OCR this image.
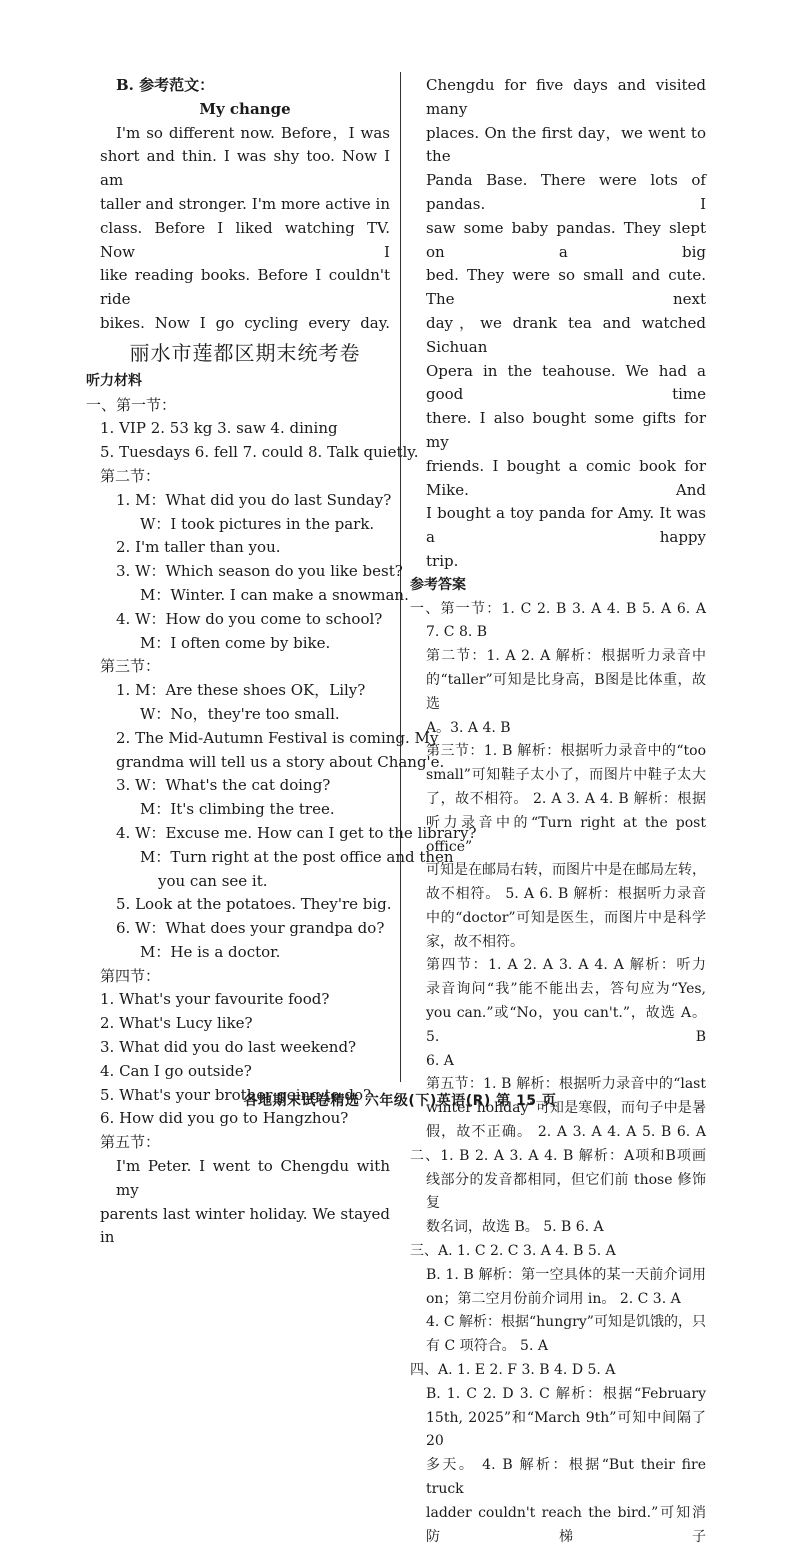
B. 参考范文：
My change
I'm so different now. Before，I was
short and thin. I was shy too. Now I am
taller and stronger. I'm more active in
class. Before I liked watching TV. Now I
like reading books. Before I couldn't ride
bikes. Now I go cycling every day.
丽水市莲都区期末统考卷
听力材料
一、第一节：
1. VIP 2. 53 kg 3. saw 4. dining
5. Tuesdays 6. fell 7. could 8. Talk quietly.
第二节：
1. M：What did you do last Sunday?
W：I took pictures in the park.
2. I'm taller than you.
3. W：Which season do you like best?
M：Winter. I can make a snowman.
4. W：How do you come to school?
M：I often come by bike.
第三节：
1. M：Are these shoes OK，Lily?
W：No，they're too small.
2. The Mid-Autumn Festival is coming. My
grandma will tell us a story about Chang'e.
3. W：What's the cat doing?
M：It's climbing the tree.
4. W：Excuse me. How can I get to the library?
M：Turn right at the post office and then
you can see it.
5. Look at the potatoes. They're big.
6. W：What does your grandpa do?
M：He is a doctor.
第四节：
1. What's your favourite food?
2. What's Lucy like?
3. What did you do last weekend?
4. Can I go outside?
5. What's your brother going to do?
6. How did you go to Hangzhou?
第五节：
I'm Peter. I went to Chengdu with my
parents last winter holiday. We stayed in
Chengdu for five days and visited many
places. On the first day，we went to the
Panda Base. There were lots of pandas. I
saw some baby pandas. They slept on a big
bed. They were so small and cute. The next
day，we drank tea and watched Sichuan
Opera in the teahouse. We had a good time
there. I also bought some gifts for my
friends. I bought a comic book for Mike. And
I bought a toy panda for Amy. It was a happy
trip.
参考答案
一、第一节：1. C 2. B 3. A 4. B 5. A 6. A
7. C 8. B
第二节：1. A 2. A 解析：根据听力录音中
的“taller”可知是比身高，B图是比体重，故选
A。3. A 4. B
第三节：1. B 解析：根据听力录音中的“too
small”可知鞋子太小了，而图片中鞋子太大
了，故不相符。 2. A 3. A 4. B 解析：根据
听力录音中的“Turn right at the post office”
可知是在邮局右转，而图片中是在邮局左转，
故不相符。 5. A 6. B 解析：根据听力录音
中的“doctor”可知是医生，而图片中是科学
家，故不相符。
第四节：1. A 2. A 3. A 4. A 解析：听力
录音询问“我”能不能出去，答句应为“Yes,
you can.”或“No，you can't.”，故选 A。 5. B
6. A
第五节：1. B 解析：根据听力录音中的“last
winter holiday”可知是寒假，而句子中是暑
假，故不正确。 2. A 3. A 4. A 5. B 6. A
二、1. B 2. A 3. A 4. B 解析：A项和B项画
线部分的发音都相同，但它们前 those 修饰复
数名词，故选 B。 5. B 6. A
三、A. 1. C 2. C 3. A 4. B 5. A
B. 1. B 解析：第一空具体的某一天前介词用
on；第二空月份前介词用 in。 2. C 3. A
4. C 解析：根据“hungry”可知是饥饿的，只
有 C 项符合。 5. A
四、A. 1. E 2. F 3. B 4. D 5. A
B. 1. C 2. D 3. C 解析：根据“February
15th, 2025”和“March 9th”可知中间隔了 20
多天。 4. B 解析：根据“But their fire truck
ladder couldn't reach the bird.”可知消防梯子
各地期末试卷精选 六年级(下)英语(R) 第 15 页
